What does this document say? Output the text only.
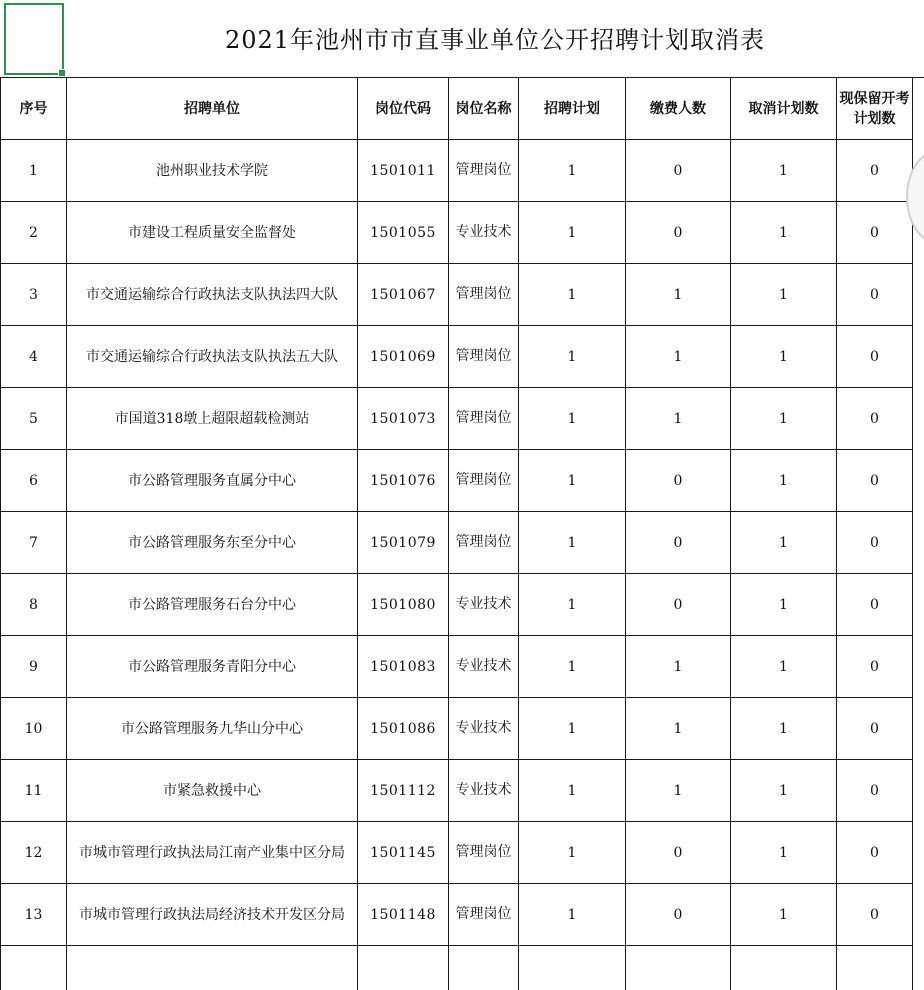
2021年池州市市直事业单位公开招聘计划取消表
序号	招聘单位	岗位代码	岗位名称	招聘计划	缴费人数	取消计划数	现保留开考计划数
1	池州职业技术学院	1501011	管理岗位	1	0	1	0
2	市建设工程质量安全监督处	1501055	专业技术	1	0	1	0
3	市交通运输综合行政执法支队执法四大队	1501067	管理岗位	1	1	1	0
4	市交通运输综合行政执法支队执法五大队	1501069	管理岗位	1	1	1	0
5	市国道318墩上超限超载检测站	1501073	管理岗位	1	1	1	0
6	市公路管理服务直属分中心	1501076	管理岗位	1	0	1	0
7	市公路管理服务东至分中心	1501079	管理岗位	1	0	1	0
8	市公路管理服务石台分中心	1501080	专业技术	1	0	1	0
9	市公路管理服务青阳分中心	1501083	专业技术	1	1	1	0
10	市公路管理服务九华山分中心	1501086	专业技术	1	1	1	0
11	市紧急救援中心	1501112	专业技术	1	1	1	0
12	市城市管理行政执法局江南产业集中区分局	1501145	管理岗位	1	0	1	0
13	市城市管理行政执法局经济技术开发区分局	1501148	管理岗位	1	0	1	0
